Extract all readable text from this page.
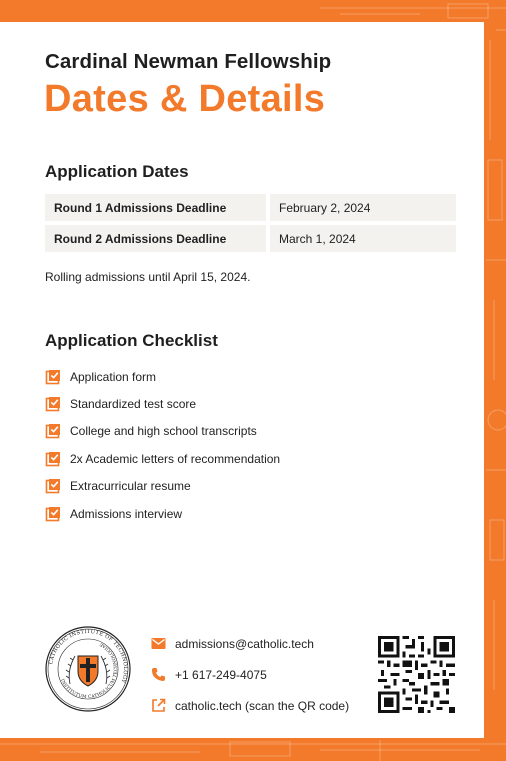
Cardinal Newman Fellowship
Dates & Details
Application Dates
Round 1 Admissions Deadline	February 2, 2024
Round 2 Admissions Deadline	March 1, 2024
Rolling admissions until April 15, 2024.
Application Checklist
Application form
Standardized test score
College and high school transcripts
2x Academic letters of recommendation
Extracurricular resume
Admissions interview
CATHOLIC INSTITUTE OF TECHNOLOGY
INSTITUTUM CATHOLICUM TECHNOLOGIAE	admissions@catholic.tech
+1 617-249-4075
catholic.tech (scan the QR code)
